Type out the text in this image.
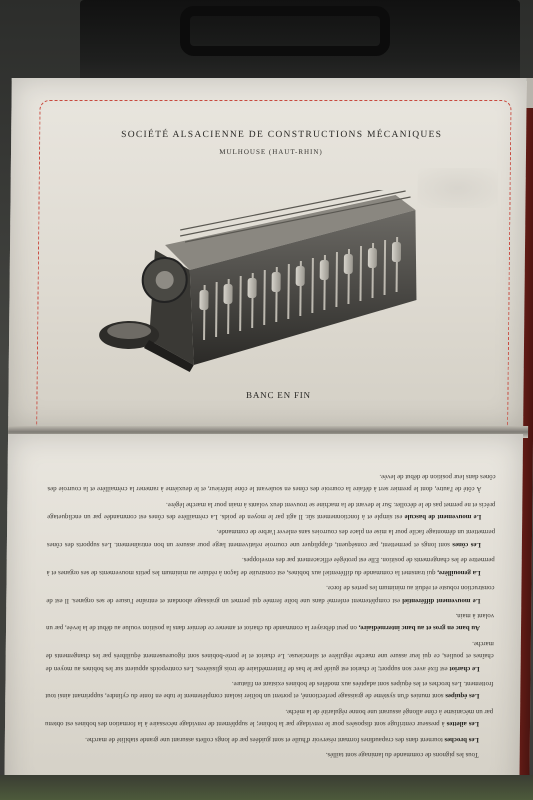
SOCIÉTÉ ALSACIENNE DE CONSTRUCTIONS MÉCANIQUES
MULHOUSE (HAUT-RHIN)
BANC EN FIN

Tous les pignons de commande du laminage sont taillés.

Les broches tournent dans des crapaudines formant réservoir d'huile et sont guidées par de longs collets assurant une grande stabilité de marche.

Les ailettes à presseur centrifuge sont disposées pour le renvidage par la bobine; le supplément de renvidage nécessaire à la formation des bobines est obtenu par un mécanisme à cône allongé assurant une bonne régularité de la mèche.

Les équipes sont munies d'un système de graissage perfectionné, et portent un boîtier isolant complètement le tube en fonte du cylindre, supprimant ainsi tout frottement. Les broches et les équipes sont adaptées aux modèles de bobines existant en filature.

Le chariot est fixé avec son support; le chariot est guidé par le bas de l'intermédiaire de trois glissières. Les contrepoids appuient sur les bobines au moyen de chaînes et poulies, ce qui leur assure une marche régulière et silencieuse. Le chariot et le porte-bobines sont rigoureusement équilibrés par les changements de marche.

Au banc en gros et au banc intermédiaire, on peut débrayer la commande du chariot et amener ce dernier dans la position voulue au début de la levée, par un volant à main.

Le mouvement différentiel est complètement enfermé dans une boîte fermée qui permet un graissage abondant et entraîne l'usure de ses organes. Il est de construction robuste et réduit au minimum les pertes de force.

La genouillère, qui transmet la commande du différentiel aux bobines, est construite de façon à réduire au minimum les petits mouvements de ses organes et à permettre de les changements de position. Elle est protégée efficacement par des enveloppes.

Les cônes sont longs et permettent, par conséquent, d'appliquer une courroie relativement large pour assurer un bon entraînement. Les supports des cônes permettent un démontage facile pour la mise en place des courroies sans enlever l'arbre de commande.

Le mouvement de bascule est simple et à fonctionnement sûr. Il agit par le moyen de poids. La crémaillère des cônes est commandée par un encliquetage précis et ne permet pas de le décoller. Sur le devant de la machine se trouvent deux volants à main pour la marche légère.

À côté de l'autre, dont le premier sert à défaire la courroie des cônes en soulevant le cône inférieur, et le deuxième à ramener la crémaillère et la courroie des cônes dans leur position de début de levée.
